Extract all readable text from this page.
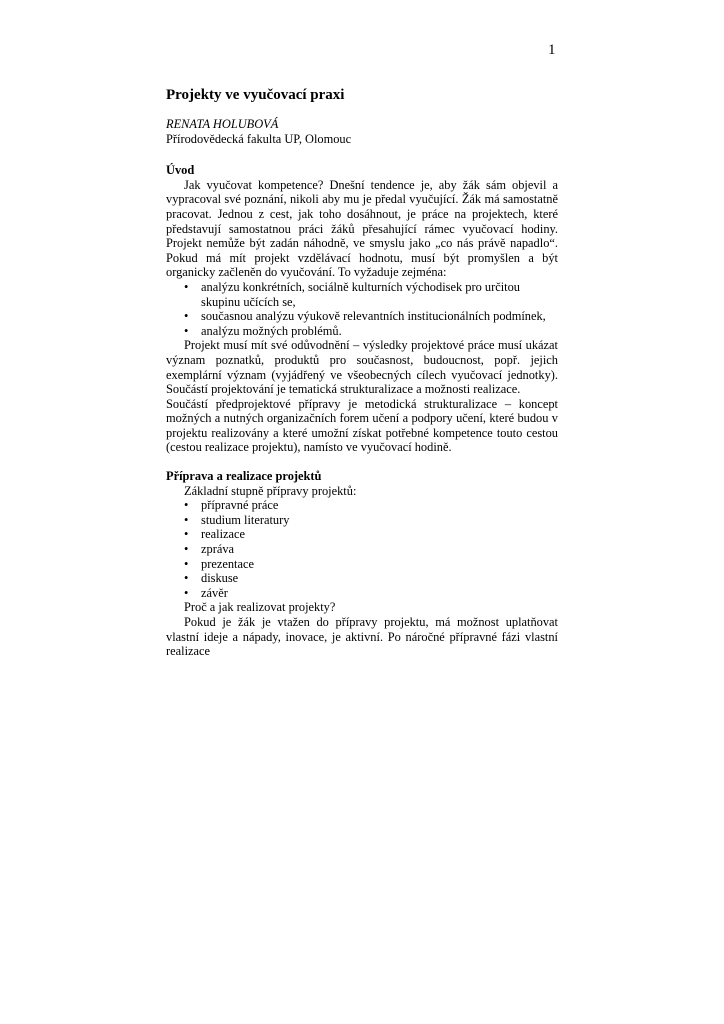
1
Projekty ve vyučovací praxi
RENATA HOLUBOVÁ
Přírodovědecká fakulta UP, Olomouc
Úvod

Jak vyučovat kompetence? Dnešní tendence je, aby žák sám objevil a vypracoval své poznání, nikoli aby mu je předal vyučující. Žák má samostatně pracovat. Jednou z cest, jak toho dosáhnout, je práce na projektech, které představují samostatnou práci žáků přesahující rámec vyučovací hodiny. Projekt nemůže být zadán náhodně, ve smyslu jako „co nás právě napadlo“. Pokud má mít projekt vzdělávací hodnotu, musí být promyšlen a být organicky začleněn do vyučování. To vyžaduje zejména:

• analýzu konkrétních, sociálně kulturních východisek pro určitou skupinu učících se,
• současnou analýzu výukově relevantních institucionálních podmínek,
• analýzu možných problémů.

Projekt musí mít své odůvodnění – výsledky projektové práce musí ukázat význam poznatků, produktů pro současnost, budoucnost, popř. jejich exemplární význam (vyjádřený ve všeobecných cílech vyučovací jednotky). Součástí projektování je tematická strukturalizace a možnosti realizace.

Součástí předprojektové přípravy je metodická strukturalizace – koncept možných a nutných organizačních forem učení a podpory učení, které budou v projektu realizovány a které umožní získat potřebné kompetence touto cestou (cestou realizace projektu), namísto ve vyučovací hodině.

Příprava a realizace projektů

Základní stupně přípravy projektů:

• přípravné práce
• studium literatury
• realizace
• zpráva
• prezentace
• diskuse
• závěr

Proč a jak realizovat projekty?

Pokud je žák je vtažen do přípravy projektu, má možnost uplatňovat vlastní ideje a nápady, inovace, je aktivní. Po náročné přípravné fázi vlastní realizace
